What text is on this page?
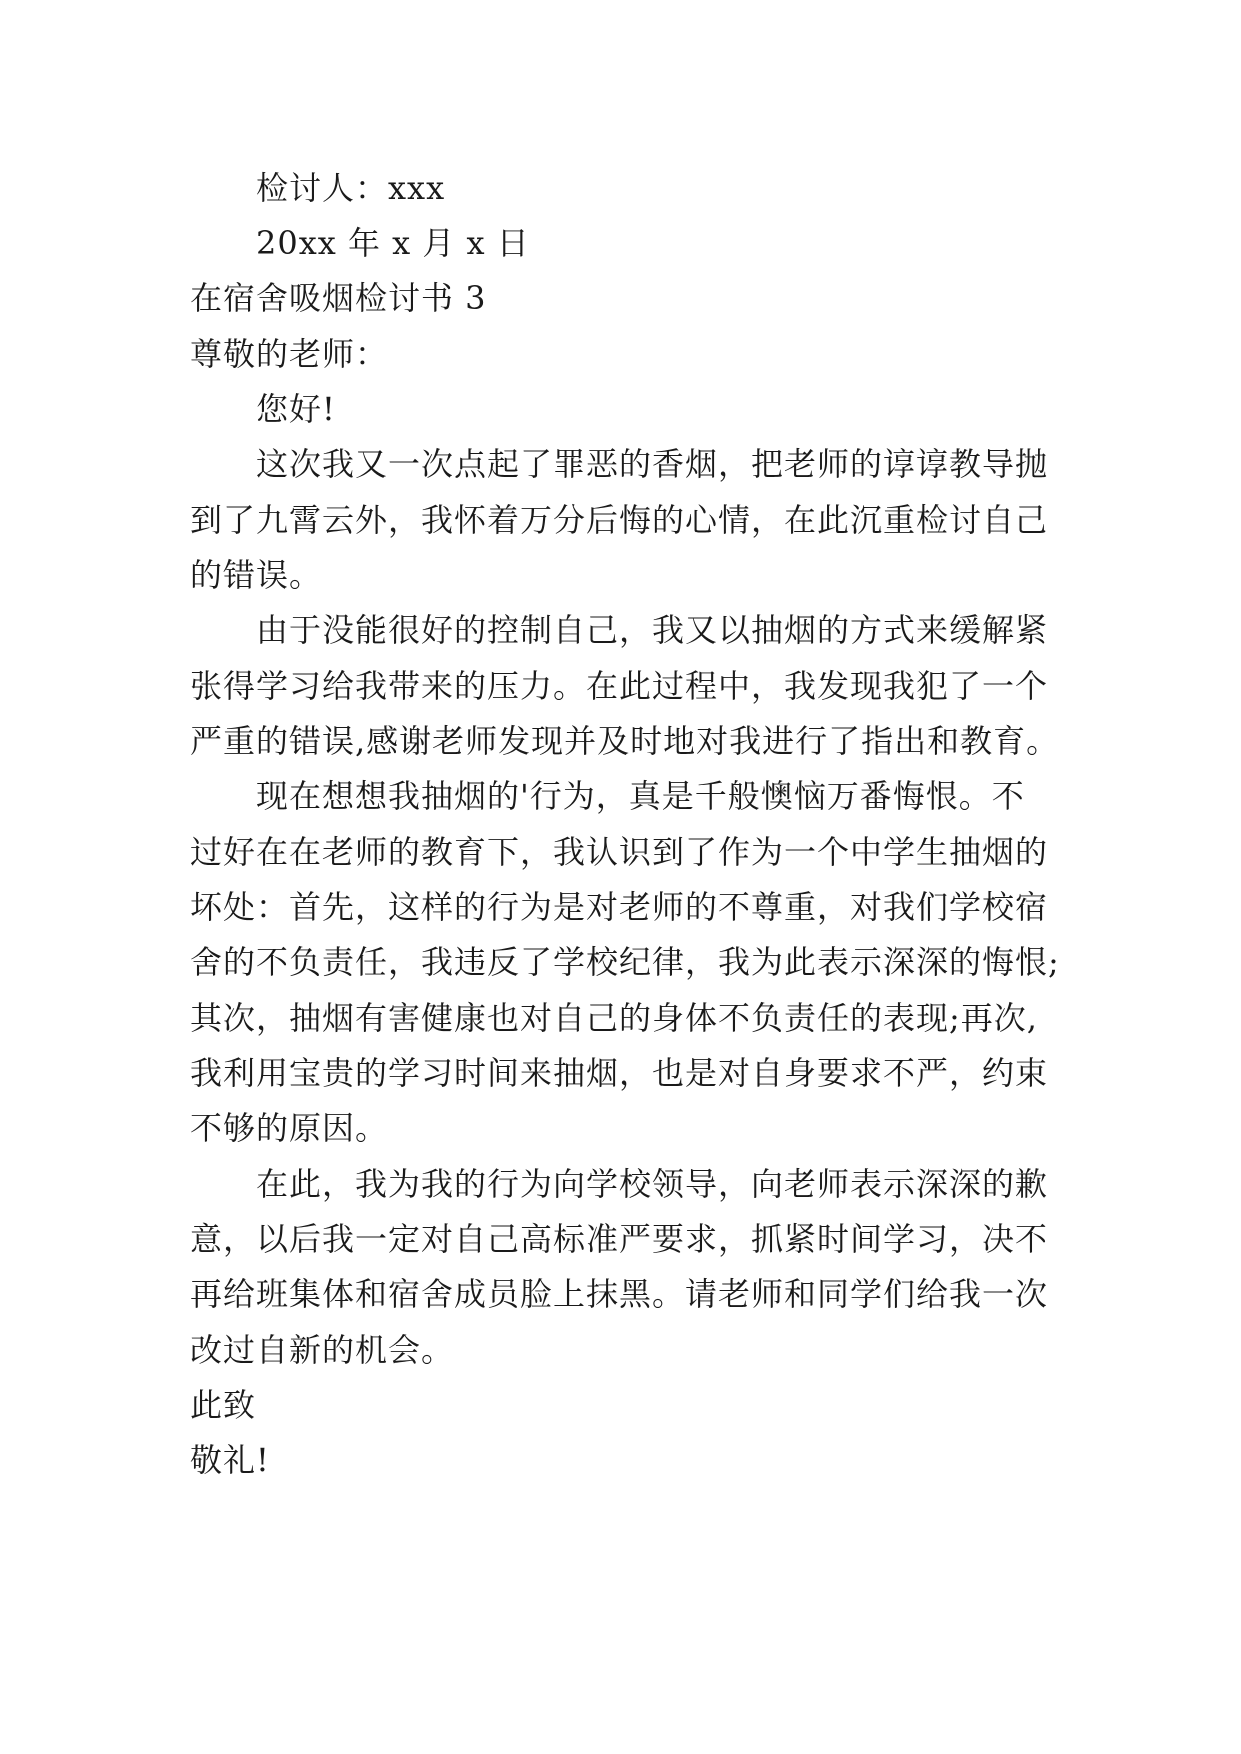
检讨人：xxx
20xx 年 x 月 x 日
在宿舍吸烟检讨书 3
尊敬的老师：
您好!
这次我又一次点起了罪恶的香烟，把老师的谆谆教导抛
到了九霄云外，我怀着万分后悔的心情，在此沉重检讨自己
的错误。
由于没能很好的控制自己，我又以抽烟的方式来缓解紧
张得学习给我带来的压力。在此过程中，我发现我犯了一个
严重的错误,感谢老师发现并及时地对我进行了指出和教育。
现在想想我抽烟的'行为，真是千般懊恼万番悔恨。不
过好在在老师的教育下，我认识到了作为一个中学生抽烟的
坏处：首先，这样的行为是对老师的不尊重，对我们学校宿
舍的不负责任，我违反了学校纪律，我为此表示深深的悔恨;
其次，抽烟有害健康也对自己的身体不负责任的表现;再次,
我利用宝贵的学习时间来抽烟，也是对自身要求不严，约束
不够的原因。
在此，我为我的行为向学校领导，向老师表示深深的歉
意，以后我一定对自己高标准严要求，抓紧时间学习，决不
再给班集体和宿舍成员脸上抹黑。请老师和同学们给我一次
改过自新的机会。
此致
敬礼!
